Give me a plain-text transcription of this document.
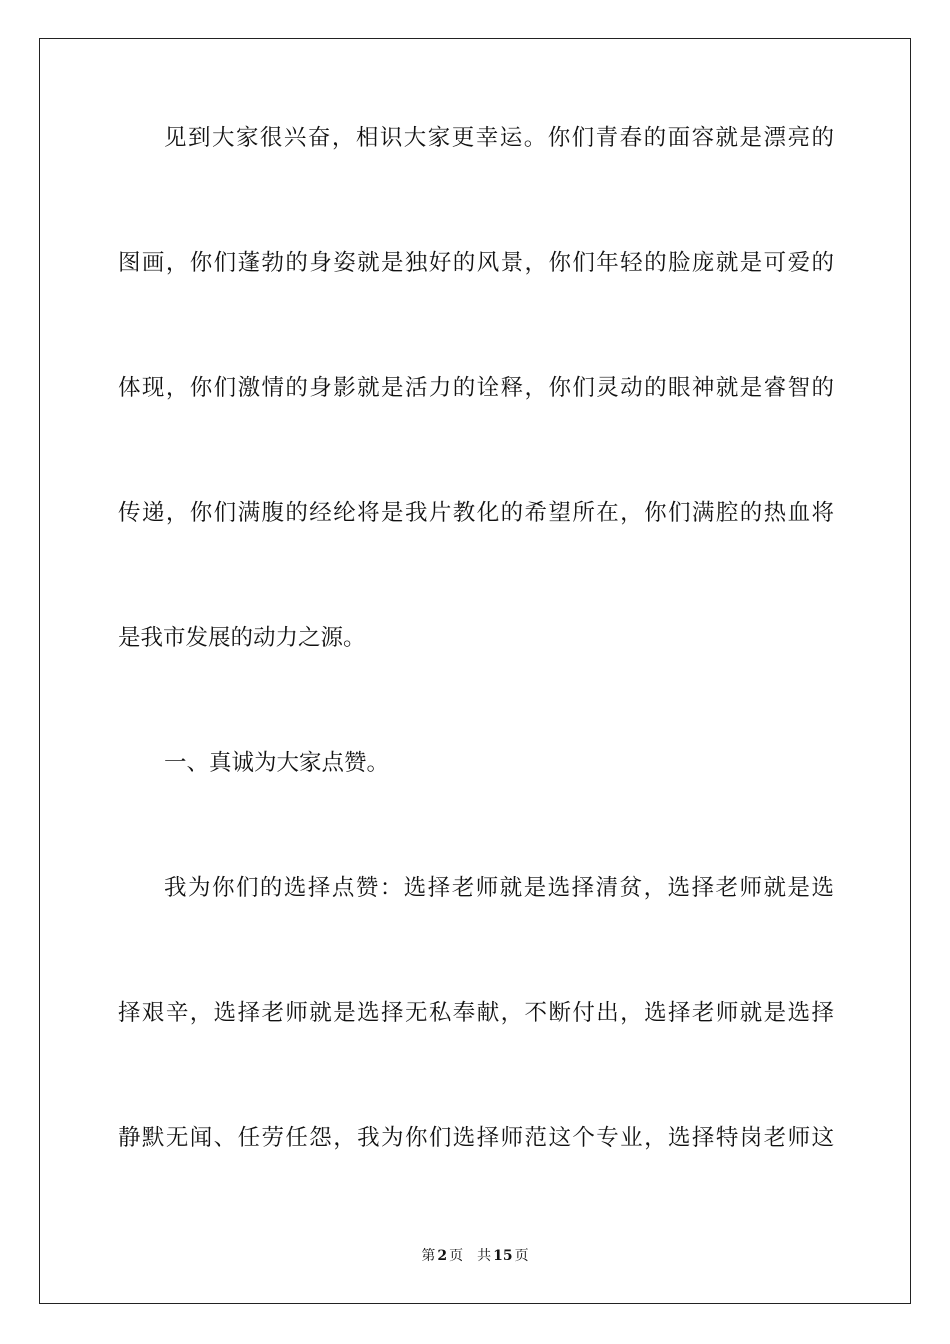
见到大家很兴奋，相识大家更幸运。你们青春的面容就是漂亮的
图画，你们蓬勃的身姿就是独好的风景，你们年轻的脸庞就是可爱的
体现，你们激情的身影就是活力的诠释，你们灵动的眼神就是睿智的
传递，你们满腹的经纶将是我片教化的希望所在，你们满腔的热血将
是我市发展的动力之源。
一、真诚为大家点赞。
我为你们的选择点赞：选择老师就是选择清贫，选择老师就是选
择艰辛，选择老师就是选择无私奉献，不断付出，选择老师就是选择
静默无闻、任劳任怨，我为你们选择师范这个专业，选择特岗老师这
第 2 页 共 15 页
